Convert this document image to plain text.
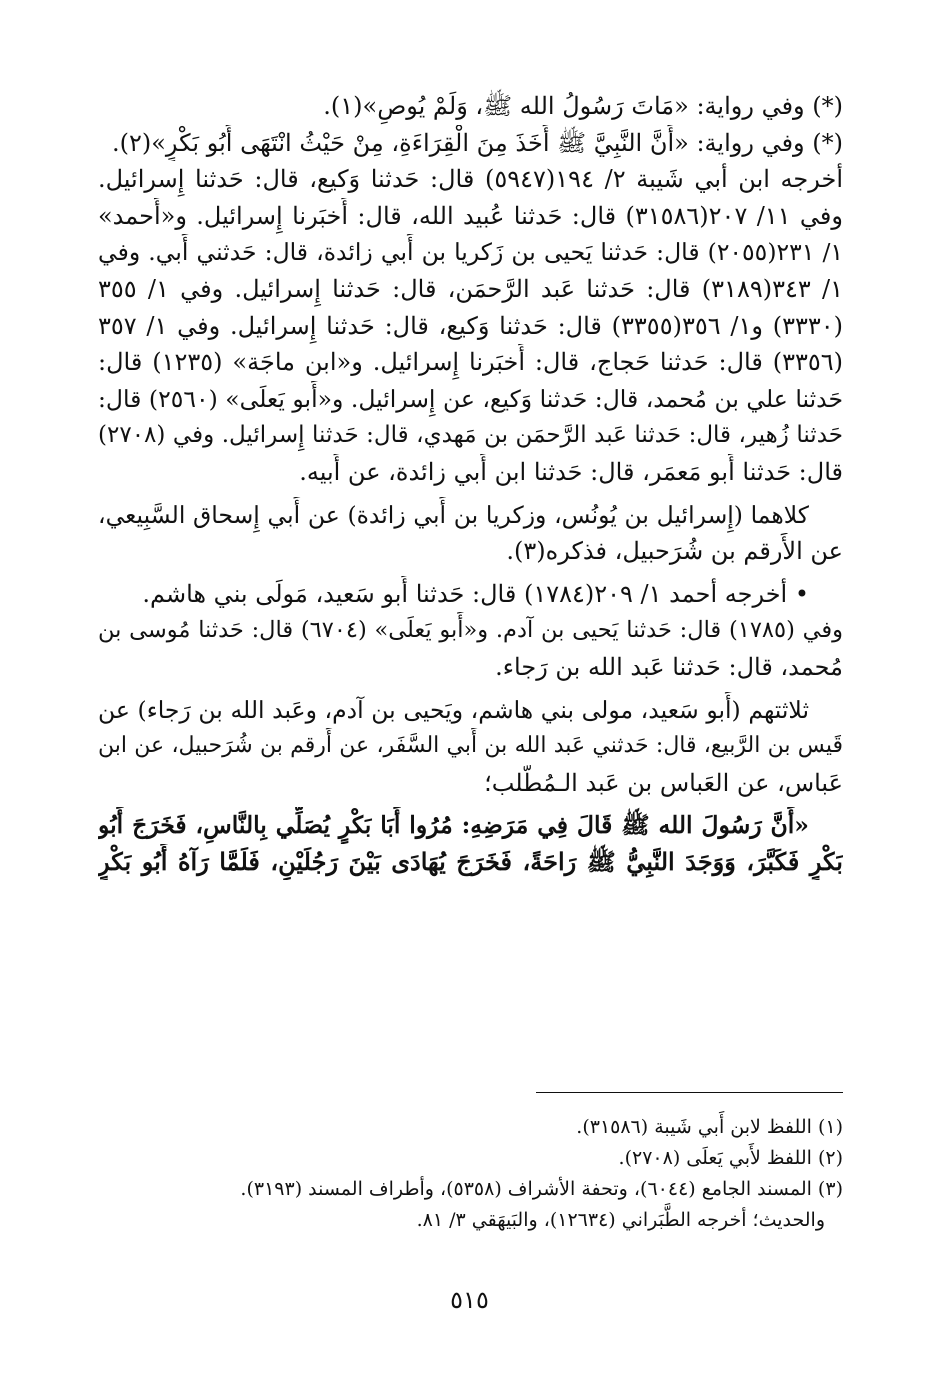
(*) وفي رواية: «مَاتَ رَسُولُ الله ﷺ، وَلَمْ يُوصِ»(١).
(*) وفي رواية: «أَنَّ النَّبِيَّ ﷺ أَخَذَ مِنَ الْقِرَاءَةِ، مِنْ حَيْثُ انْتَهَى أَبُو بَكْرٍ»(٢).
أخرجه ابن أبي شَيبة ٢/ ١٩٤(٥٩٤٧) قال: حَدثنا وَكيع، قال: حَدثنا إِسرائيل.
وفي ١١/ ٢٠٧(٣١٥٨٦) قال: حَدثنا عُبيد الله، قال: أَخبَرنا إِسرائيل. و«أَحمد»
١/ ٢٣١(٢٠٥٥) قال: حَدثنا يَحيى بن زَكريا بن أَبي زائدة، قال: حَدثني أَبي. وفي
١/ ٣٤٣(٣١٨٩) قال: حَدثنا عَبد الرَّحمَن، قال: حَدثنا إِسرائيل. وفي ١/ ٣٥٥
(٣٣٣٠) و١/ ٣٥٦(٣٣٥٥) قال: حَدثنا وَكيع، قال: حَدثنا إِسرائيل. وفي ١/ ٣٥٧
(٣٣٥٦) قال: حَدثنا حَجاج، قال: أَخبَرنا إِسرائيل. و«ابن ماجَة» (١٢٣٥) قال:
حَدثنا علي بن مُحمد، قال: حَدثنا وَكيع، عن إِسرائيل. و«أَبو يَعلَى» (٢٥٦٠) قال:
حَدثنا زُهير، قال: حَدثنا عَبد الرَّحمَن بن مَهدي، قال: حَدثنا إِسرائيل. وفي (٢٧٠٨)
قال: حَدثنا أَبو مَعمَر، قال: حَدثنا ابن أَبي زائدة، عن أَبيه.
كلاهما (إِسرائيل بن يُونُس، وزكريا بن أَبي زائدة) عن أَبي إِسحاق السَّبِيعي،
عن الأَرقم بن شُرَحبيل، فذكره(٣).
• أخرجه أحمد ١/ ٢٠٩(١٧٨٤) قال: حَدثنا أَبو سَعيد، مَولَى بني هاشم.
وفي (١٧٨٥) قال: حَدثنا يَحيى بن آدم. و«أَبو يَعلَى» (٦٧٠٤) قال: حَدثنا مُوسى بن
مُحمد، قال: حَدثنا عَبد الله بن رَجاء.
ثلاثتهم (أَبو سَعيد، مولى بني هاشم، ويَحيى بن آدم، وعَبد الله بن رَجاء) عن
قَيس بن الرَّبيع، قال: حَدثني عَبد الله بن أَبي السَّفَر، عن أَرقم بن شُرَحبيل، عن ابن
عَباس، عن العَباس بن عَبد الـمُطَّلب؛
«أَنَّ رَسُولَ الله ﷺ قَالَ فِي مَرَضِهِ: مُرُوا أَبَا بَكْرٍ يُصَلِّي بِالنَّاسِ، فَخَرَجَ أَبُو
بَكْرٍ فَكَبَّرَ، وَوَجَدَ النَّبِيُّ ﷺ رَاحَةً، فَخَرَجَ يُهَادَى بَيْنَ رَجُلَيْنِ، فَلَمَّا رَآهُ أَبُو بَكْرٍ
(١) اللفظ لابن أَبي شَيبة (٣١٥٨٦).
(٢) اللفظ لأَبي يَعلَى (٢٧٠٨).
(٣) المسند الجامع (٦٠٤٤)، وتحفة الأشراف (٥٣٥٨)، وأطراف المسند (٣١٩٣).
والحديث؛ أخرجه الطَّبَراني (١٢٦٣٤)، والبَيهَقي ٣/ ٨١.
٥١٥
